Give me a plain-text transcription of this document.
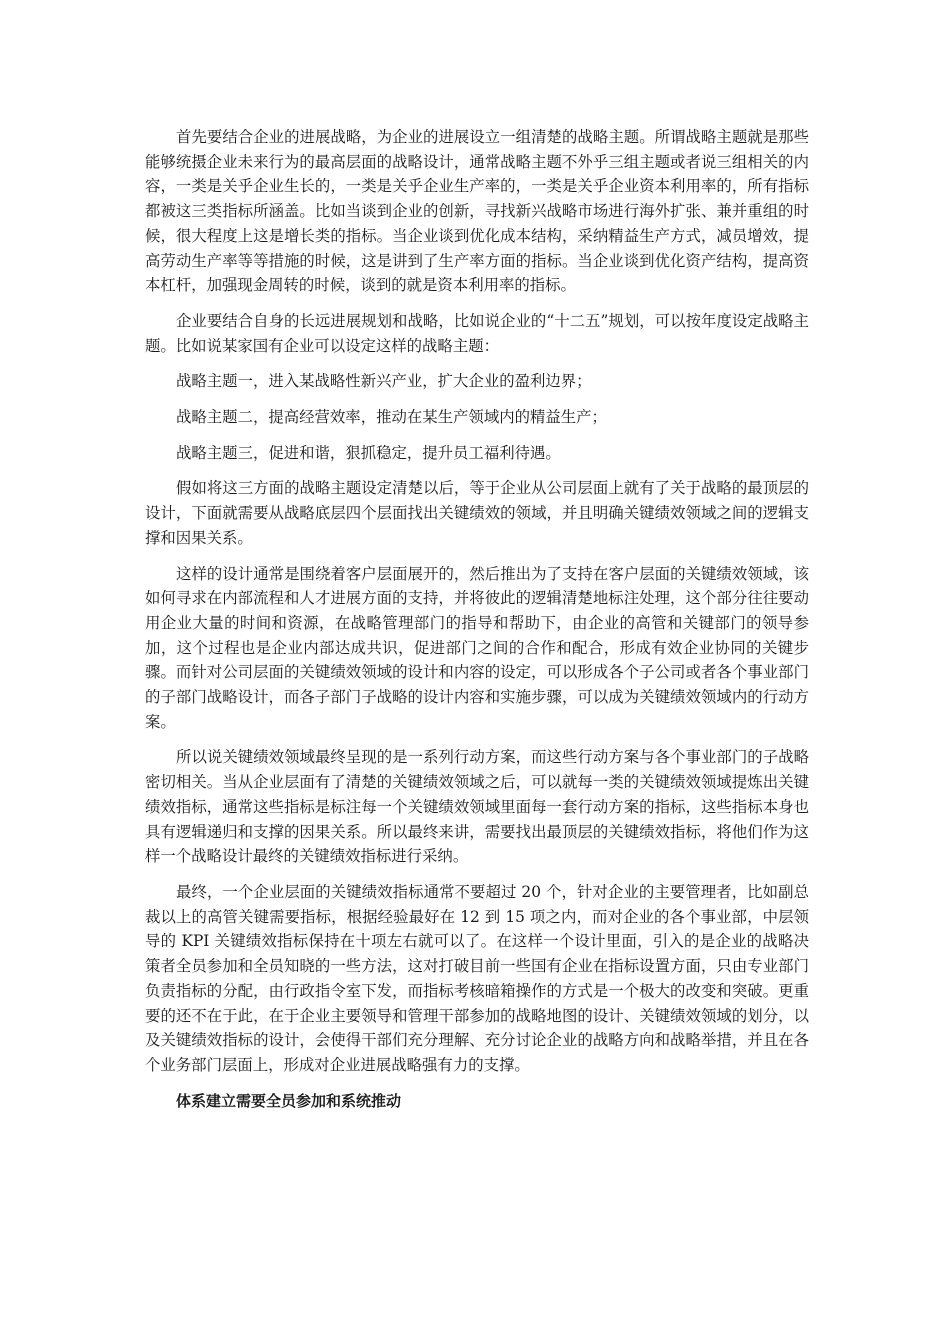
首先要结合企业的进展战略，为企业的进展设立一组清楚的战略主题。所谓战略主题就是那些能够统摄企业未来行为的最高层面的战略设计，通常战略主题不外乎三组主题或者说三组相关的内容，一类是关乎企业生长的，一类是关乎企业生产率的，一类是关乎企业资本利用率的，所有指标都被这三类指标所涵盖。比如当谈到企业的创新，寻找新兴战略市场进行海外扩张、兼并重组的时候，很大程度上这是增长类的指标。当企业谈到优化成本结构，采纳精益生产方式，减员增效，提高劳动生产率等等措施的时候，这是讲到了生产率方面的指标。当企业谈到优化资产结构，提高资本杠杆，加强现金周转的时候，谈到的就是资本利用率的指标。

企业要结合自身的长远进展规划和战略，比如说企业的“十二五”规划，可以按年度设定战略主题。比如说某家国有企业可以设定这样的战略主题：

战略主题一，进入某战略性新兴产业，扩大企业的盈利边界；

战略主题二，提高经营效率，推动在某生产领域内的精益生产；

战略主题三，促进和谐，狠抓稳定，提升员工福利待遇。

假如将这三方面的战略主题设定清楚以后，等于企业从公司层面上就有了关于战略的最顶层的设计，下面就需要从战略底层四个层面找出关键绩效的领域，并且明确关键绩效领域之间的逻辑支撑和因果关系。

这样的设计通常是围绕着客户层面展开的，然后推出为了支持在客户层面的关键绩效领域，该如何寻求在内部流程和人才进展方面的支持，并将彼此的逻辑清楚地标注处理，这个部分往往要动用企业大量的时间和资源，在战略管理部门的指导和帮助下，由企业的高管和关键部门的领导参加，这个过程也是企业内部达成共识，促进部门之间的合作和配合，形成有效企业协同的关键步骤。而针对公司层面的关键绩效领域的设计和内容的设定，可以形成各个子公司或者各个事业部门的子部门战略设计，而各子部门子战略的设计内容和实施步骤，可以成为关键绩效领域内的行动方案。

所以说关键绩效领域最终呈现的是一系列行动方案，而这些行动方案与各个事业部门的子战略密切相关。当从企业层面有了清楚的关键绩效领域之后，可以就每一类的关键绩效领域提炼出关键绩效指标，通常这些指标是标注每一个关键绩效领域里面每一套行动方案的指标，这些指标本身也具有逻辑递归和支撑的因果关系。所以最终来讲，需要找出最顶层的关键绩效指标，将他们作为这样一个战略设计最终的关键绩效指标进行采纳。

最终，一个企业层面的关键绩效指标通常不要超过 20 个，针对企业的主要管理者，比如副总裁以上的高管关键需要指标，根据经验最好在 12 到 15 项之内，而对企业的各个事业部，中层领导的 KPI 关键绩效指标保持在十项左右就可以了。在这样一个设计里面，引入的是企业的战略决策者全员参加和全员知晓的一些方法，这对打破目前一些国有企业在指标设置方面，只由专业部门负责指标的分配，由行政指令室下发，而指标考核暗箱操作的方式是一个极大的改变和突破。更重要的还不在于此，在于企业主要领导和管理干部参加的战略地图的设计、关键绩效领域的划分，以及关键绩效指标的设计，会使得干部们充分理解、充分讨论企业的战略方向和战略举措，并且在各个业务部门层面上，形成对企业进展战略强有力的支撑。

体系建立需要全员参加和系统推动
